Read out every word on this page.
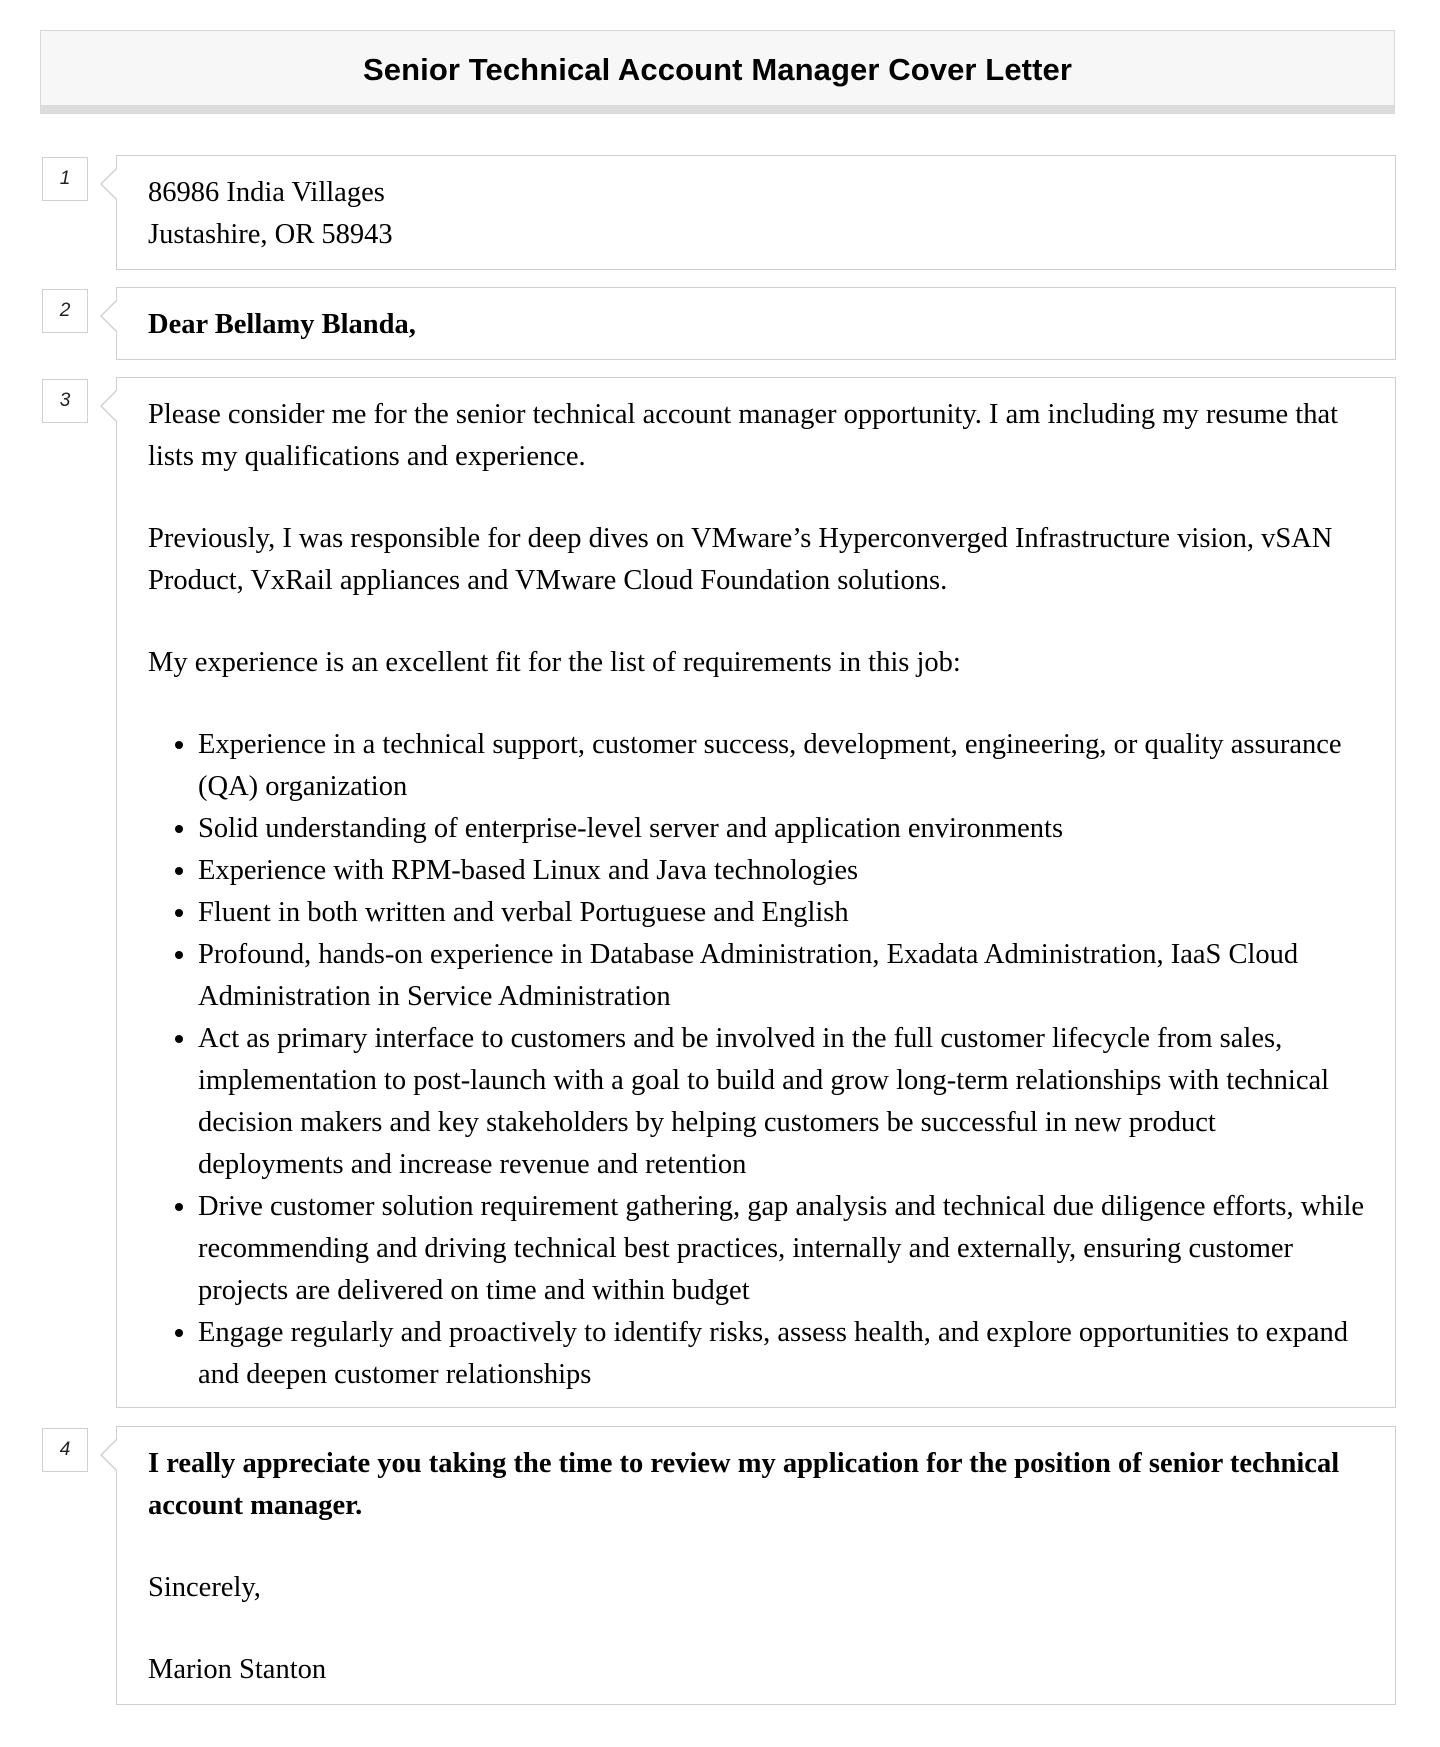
Senior Technical Account Manager Cover Letter
1	86986 India Villages

Justashire, OR 58943

2	Dear Bellamy Blanda,

3	Please consider me for the senior technical account manager opportunity. I am including my resume that lists my qualifications and experience.

Previously, I was responsible for deep dives on VMware’s Hyperconverged Infrastructure vision, vSAN Product, VxRail appliances and VMware Cloud Foundation solutions.

My experience is an excellent fit for the list of requirements in this job:

• Experience in a technical support, customer success, development, engineering, or quality assurance (QA) organization
• Solid understanding of enterprise-level server and application environments
• Experience with RPM-based Linux and Java technologies
• Fluent in both written and verbal Portuguese and English
• Profound, hands-on experience in Database Administration, Exadata Administration, IaaS Cloud Administration in Service Administration
• Act as primary interface to customers and be involved in the full customer lifecycle from sales, implementation to post-launch with a goal to build and grow long-term relationships with technical decision makers and key stakeholders by helping customers be successful in new product deployments and increase revenue and retention
• Drive customer solution requirement gathering, gap analysis and technical due diligence efforts, while recommending and driving technical best practices, internally and externally, ensuring customer projects are delivered on time and within budget
• Engage regularly and proactively to identify risks, assess health, and explore opportunities to expand and deepen customer relationships
4	I really appreciate you taking the time to review my application for the position of senior technical account manager.

Sincerely,

Marion Stanton
